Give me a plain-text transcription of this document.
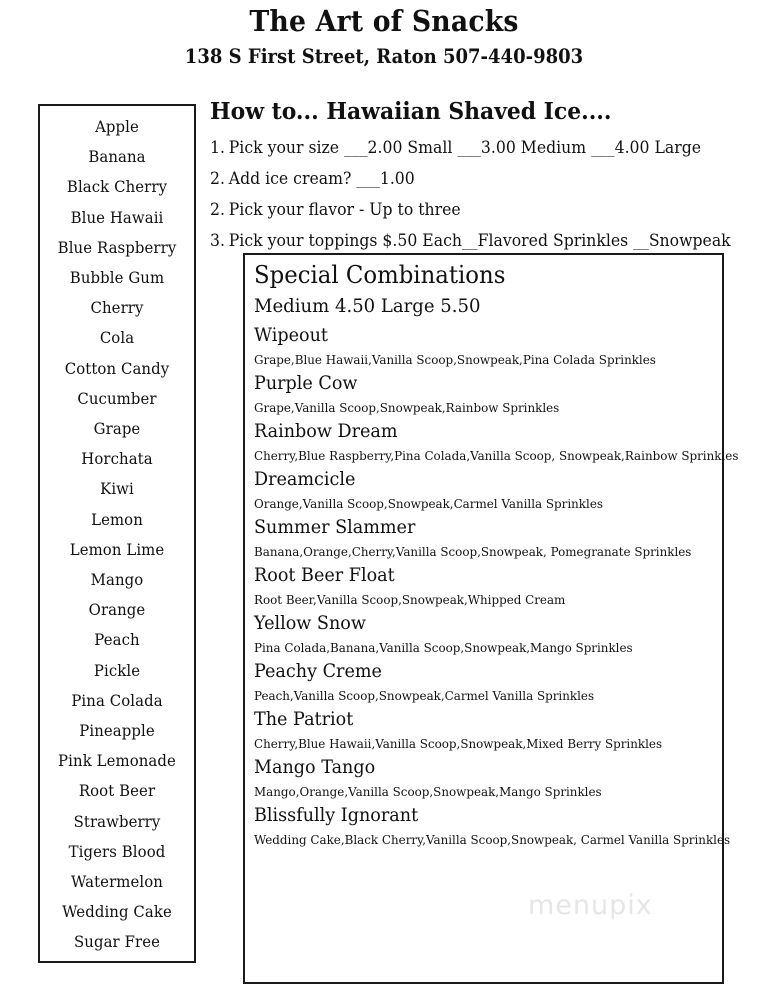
The Art of Snacks
138 S First Street, Raton 507-440-9803
Apple
Banana
Black Cherry
Blue Hawaii
Blue Raspberry
Bubble Gum
Cherry
Cola
Cotton Candy
Cucumber
Grape
Horchata
Kiwi
Lemon
Lemon Lime
Mango
Orange
Peach
Pickle
Pina Colada
Pineapple
Pink Lemonade
Root Beer
Strawberry
Tigers Blood
Watermelon
Wedding Cake
Sugar Free
How to... Hawaiian Shaved Ice....
1. Pick your size ___2.00 Small ___3.00 Medium ___4.00 Large
2. Add ice cream? ___1.00
2. Pick your flavor - Up to three
3. Pick your toppings $.50 Each__Flavored Sprinkles __Snowpeak
Special Combinations
Medium 4.50 Large 5.50
Wipeout
Grape,Blue Hawaii,Vanilla Scoop,Snowpeak,Pina Colada Sprinkles
Purple Cow
Grape,Vanilla Scoop,Snowpeak,Rainbow Sprinkles
Rainbow Dream
Cherry,Blue Raspberry,Pina Colada,Vanilla Scoop, Snowpeak,Rainbow Sprinkles
Dreamcicle
Orange,Vanilla Scoop,Snowpeak,Carmel Vanilla Sprinkles
Summer Slammer
Banana,Orange,Cherry,Vanilla Scoop,Snowpeak, Pomegranate Sprinkles
Root Beer Float
Root Beer,Vanilla Scoop,Snowpeak,Whipped Cream
Yellow Snow
Pina Colada,Banana,Vanilla Scoop,Snowpeak,Mango Sprinkles
Peachy Creme
Peach,Vanilla Scoop,Snowpeak,Carmel Vanilla Sprinkles
The Patriot
Cherry,Blue Hawaii,Vanilla Scoop,Snowpeak,Mixed Berry Sprinkles
Mango Tango
Mango,Orange,Vanilla Scoop,Snowpeak,Mango Sprinkles
Blissfully Ignorant
Wedding Cake,Black Cherry,Vanilla Scoop,Snowpeak, Carmel Vanilla Sprinkles
menupix
